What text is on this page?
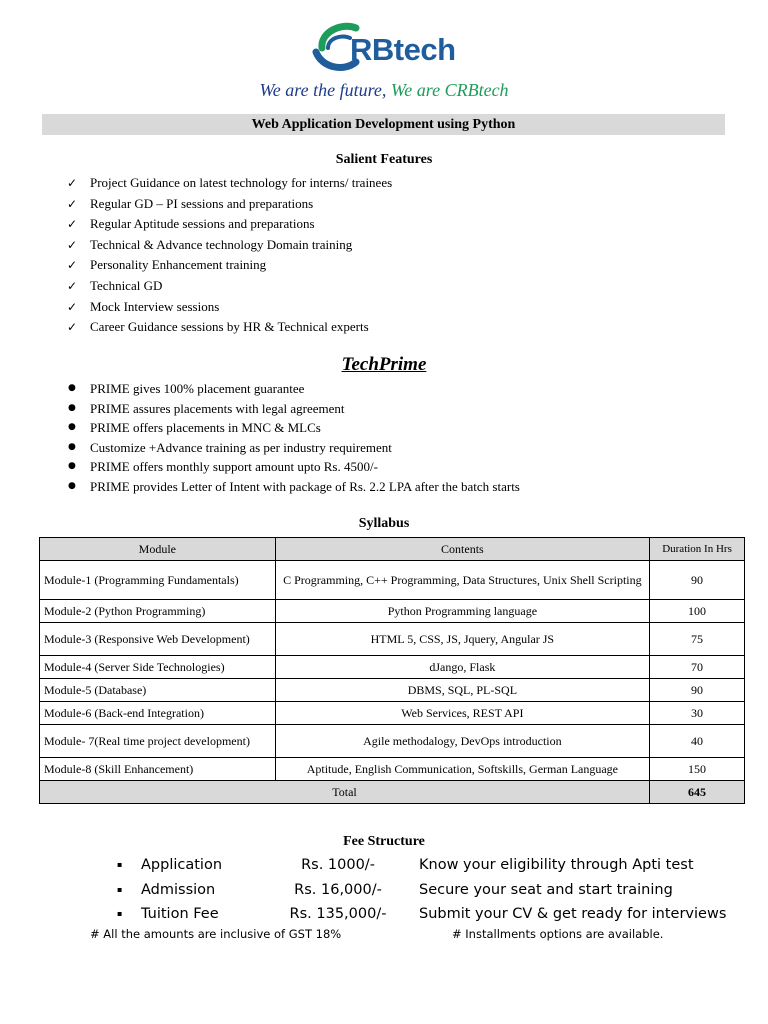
RBtech
We are the future, We are CRBtech
Web Application Development using Python
Salient Features
✓ Project Guidance on latest technology for interns/ trainees
✓ Regular GD – PI sessions and preparations
✓ Regular Aptitude sessions and preparations
✓ Technical & Advance technology Domain training
✓ Personality Enhancement training
✓ Technical GD
✓ Mock Interview sessions
✓ Career Guidance sessions by HR & Technical experts
TechPrime
● PRIME gives 100% placement guarantee
● PRIME assures placements with legal agreement
● PRIME offers placements in MNC & MLCs
● Customize +Advance training as per industry requirement
● PRIME offers monthly support amount upto Rs. 4500/-
● PRIME provides Letter of Intent with package of Rs. 2.2 LPA after the batch starts
Syllabus
Module	Contents	Duration In Hrs
Module-1 (Programming Fundamentals)	C Programming, C++ Programming, Data Structures, Unix Shell Scripting	90
Module-2 (Python Programming)	Python Programming language	100
Module-3 (Responsive Web Development)	HTML 5, CSS, JS, Jquery, Angular JS	75
Module-4 (Server Side Technologies)	dJango, Flask	70
Module-5 (Database)	DBMS, SQL, PL-SQL	90
Module-6 (Back-end Integration)	Web Services, REST API	30
Module- 7(Real time project development)	Agile methodalogy, DevOps introduction	40
Module-8 (Skill Enhancement)	Aptitude, English Communication, Softskills, German Language	150
Total		645
Fee Structure
▪ Application	Rs. 1000/-	Know your eligibility through Apti test
▪ Admission	Rs. 16,000/-	Secure your seat and start training
▪ Tuition Fee	Rs. 135,000/-	Submit your CV & get ready for interviews
# All the amounts are inclusive of GST 18%	# Installments options are available.
